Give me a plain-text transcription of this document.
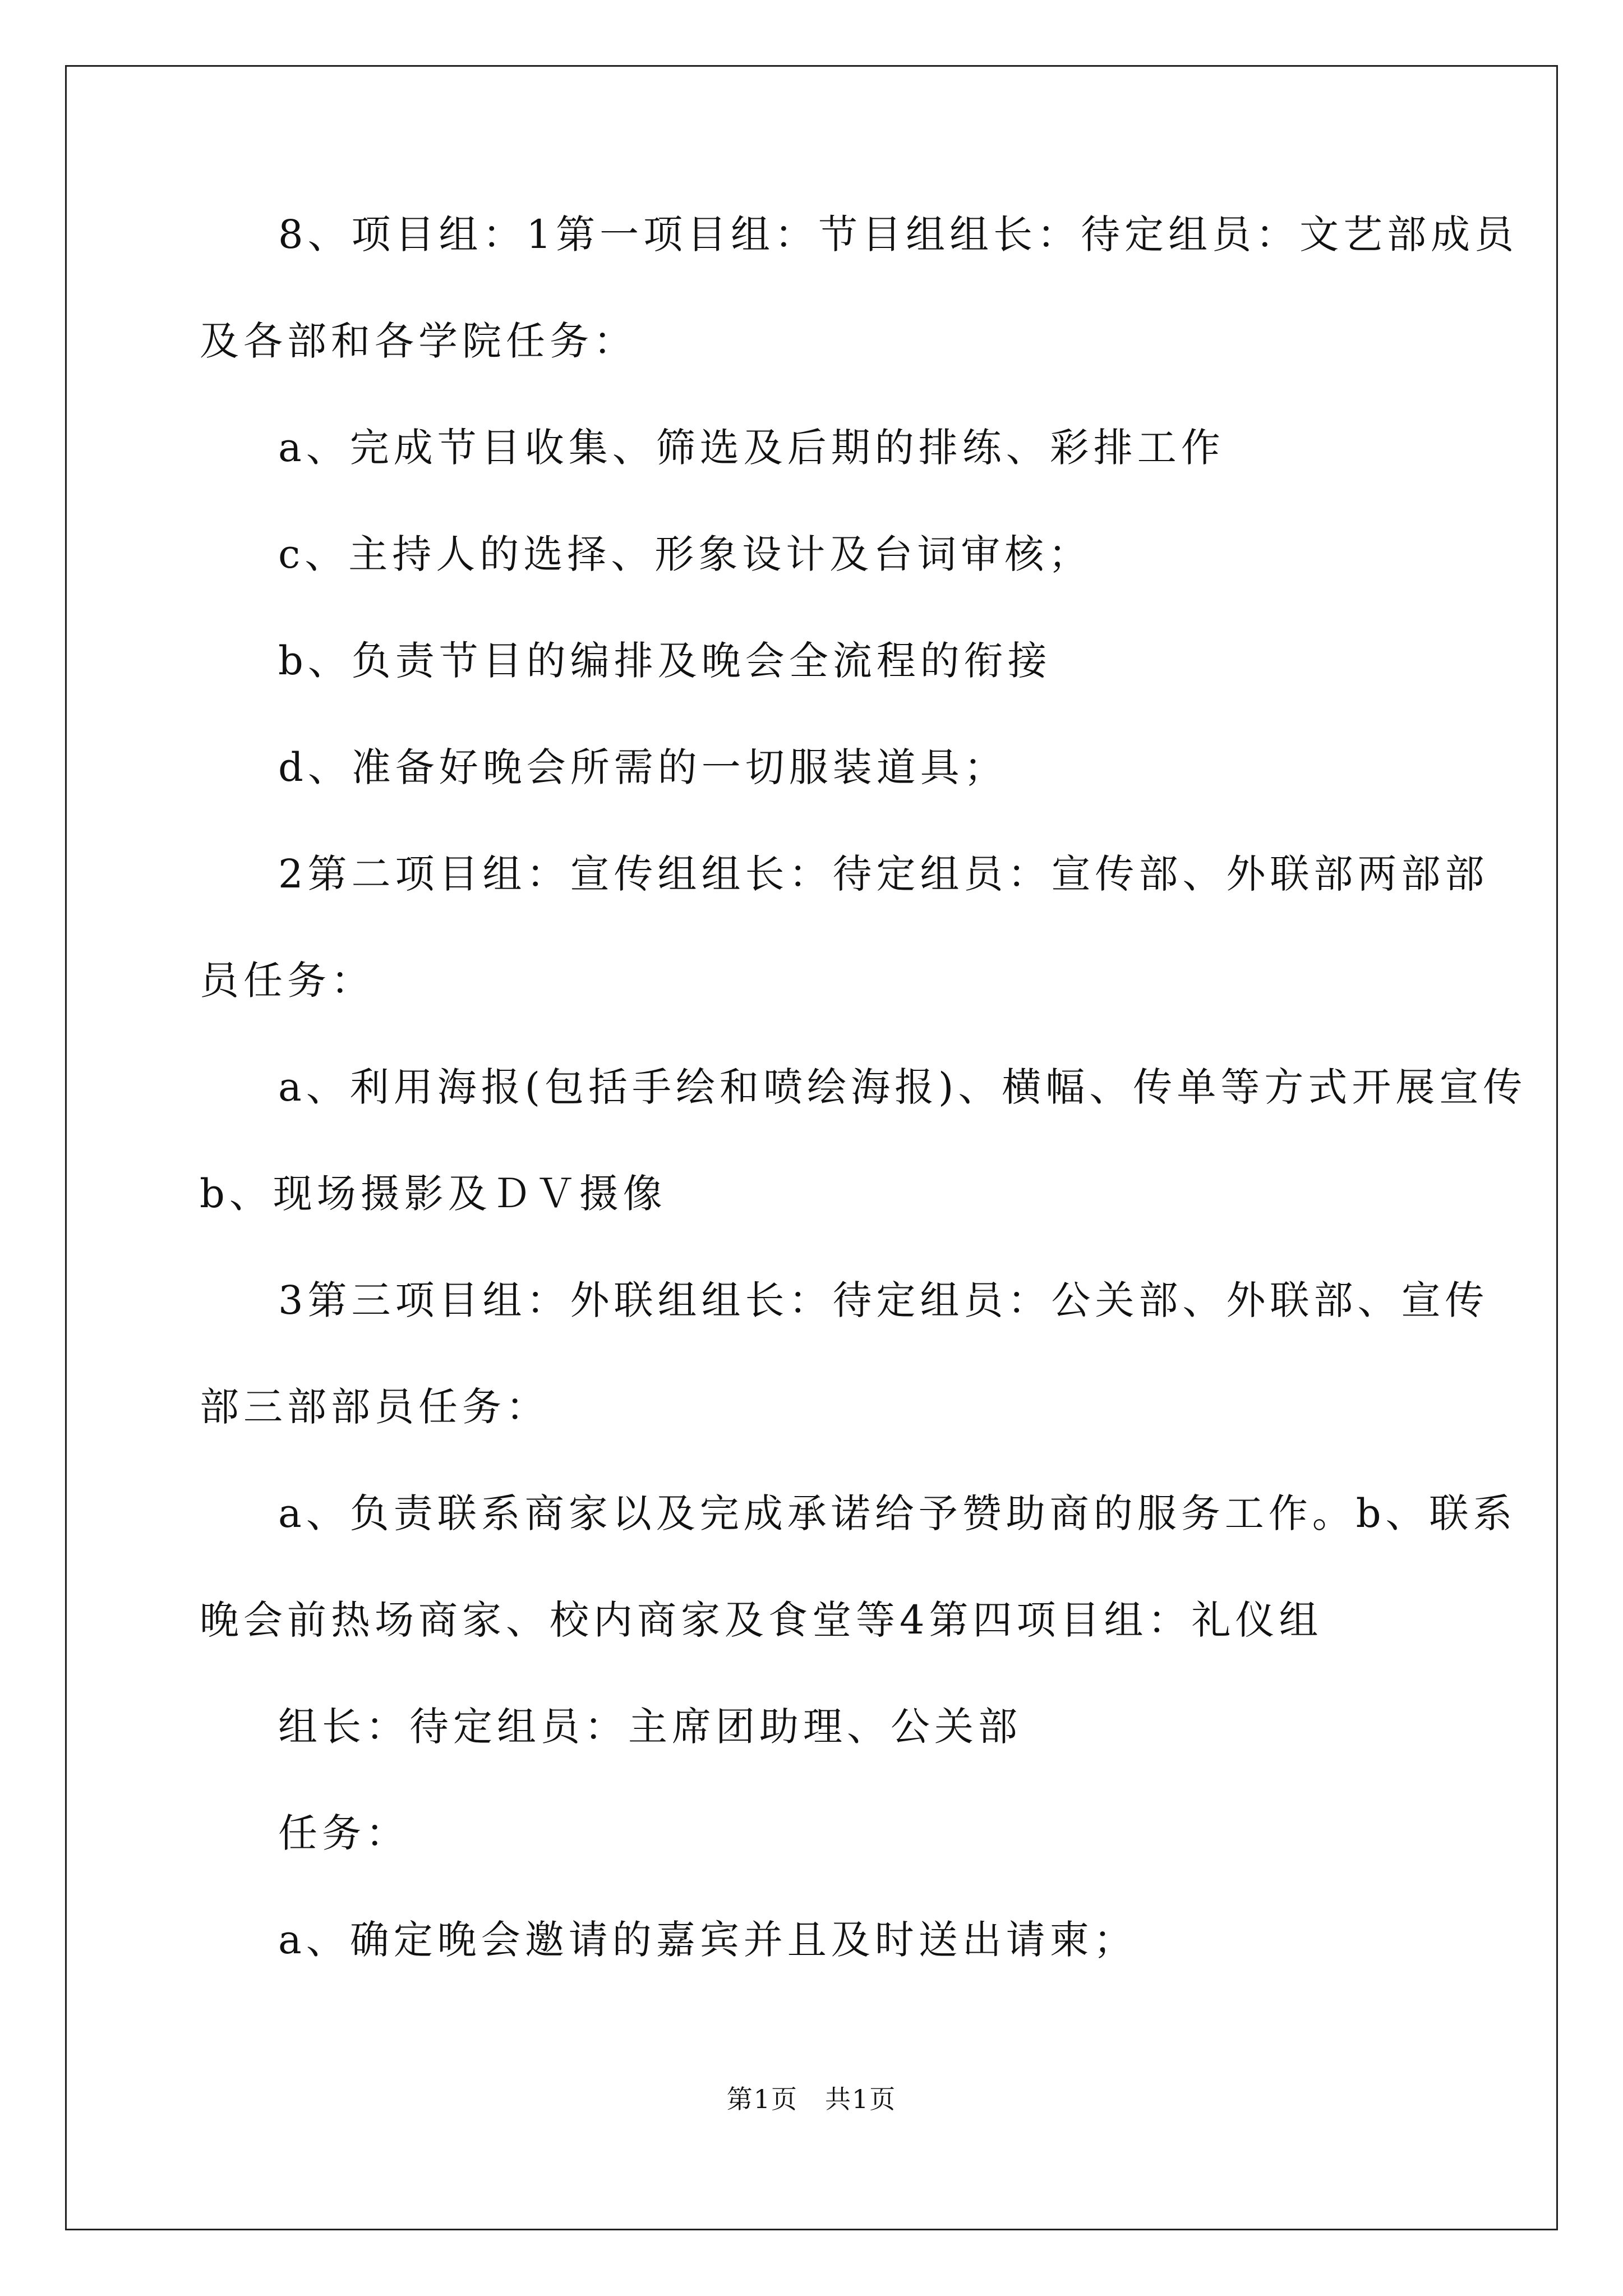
8、项目组：1第一项目组：节目组组长：待定组员：文艺部成员
及各部和各学院任务：
a、完成节目收集、筛选及后期的排练、彩排工作
c、主持人的选择、形象设计及台词审核；
b、负责节目的编排及晚会全流程的衔接
d、准备好晚会所需的一切服装道具；
2第二项目组：宣传组组长：待定组员：宣传部、外联部两部部
员任务：
a、利用海报(包括手绘和喷绘海报)、横幅、传单等方式开展宣传
b、现场摄影及ＤＶ摄像
3第三项目组：外联组组长：待定组员：公关部、外联部、宣传
部三部部员任务：
a、负责联系商家以及完成承诺给予赞助商的服务工作。b、联系
晚会前热场商家、校内商家及食堂等4第四项目组：礼仪组
组长：待定组员：主席团助理、公关部
任务：
a、确定晚会邀请的嘉宾并且及时送出请柬；
第1页　共1页
